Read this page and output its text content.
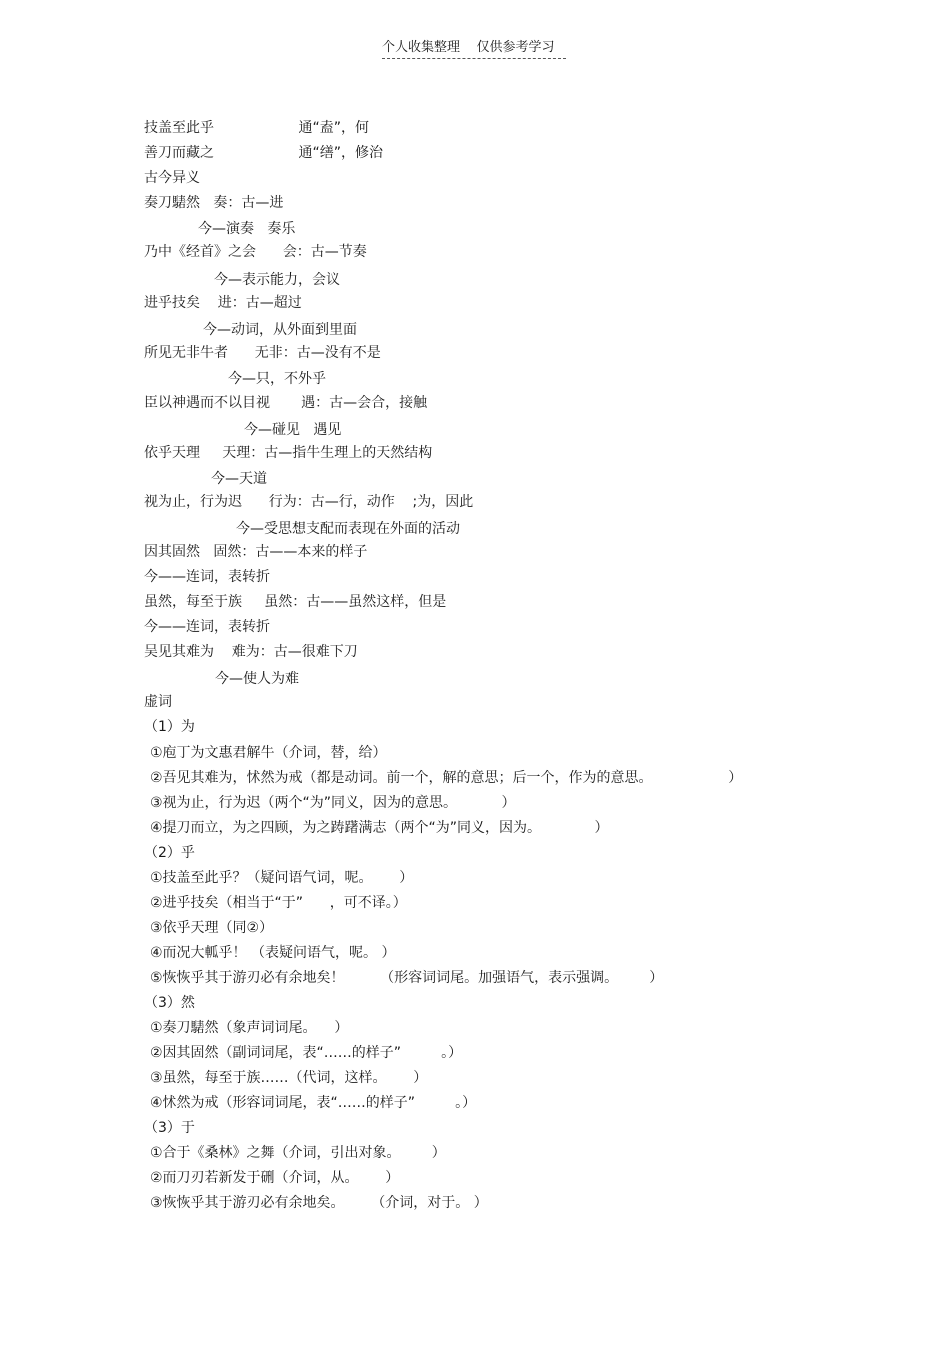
个人收集整理    仅供参考学习
技盖至此乎                   通“盍”，何
善刀而藏之                   通“缮”，修治
古今异义
奏刀騞然   奏：古—进
今—演奏   奏乐
乃中《经首》之会      会：古—节奏
今—表示能力，会议
进乎技矣    进：古—超过
今—动词，从外面到里面
所见无非牛者      无非：古—没有不是
今—只，不外乎
臣以神遇而不以目视       遇：古—会合，接触
今—碰见   遇见
依乎天理     天理：古—指牛生理上的天然结构
今—天道
视为止，行为迟      行为：古—行，动作    ;为，因此
今—受思想支配而表现在外面的活动
因其固然   固然：古——本来的样子
今——连词，表转折
虽然，每至于族     虽然：古——虽然这样，但是
今——连词，表转折
吴见其难为    难为：古—很难下刀
今—使人为难
虚词
（1）为
①庖丁为文惠君解牛（介词，替，给）
②吾见其难为，怵然为戒（都是动词。前一个，解的意思；后一个，作为的意思。                 ）
③视为止，行为迟（两个“为”同义，因为的意思。          ）
④提刀而立，为之四顾，为之踌躇满志（两个“为”同义，因为。            ）
（2）乎
①技盖至此乎？（疑问语气词，呢。      ）
②进乎技矣（相当于“于”      ，可不译。）
③依乎天理（同②）
④而况大軱乎！ （表疑问语气，呢。 ）
⑤恢恢乎其于游刃必有余地矣！        （形容词词尾。加强语气，表示强调。       ）
（3）然
①奏刀騞然（象声词词尾。    ）
②因其固然（副词词尾，表“……的样子”         。）
③虽然，每至于族……（代词，这样。      ）
④怵然为戒（形容词词尾，表“……的样子”         。）
（3）于
①合于《桑林》之舞（介词，引出对象。       ）
②而刀刃若新发于硎（介词，从。      ）
③恢恢乎其于游刃必有余地矣。      （介词，对于。 ）
